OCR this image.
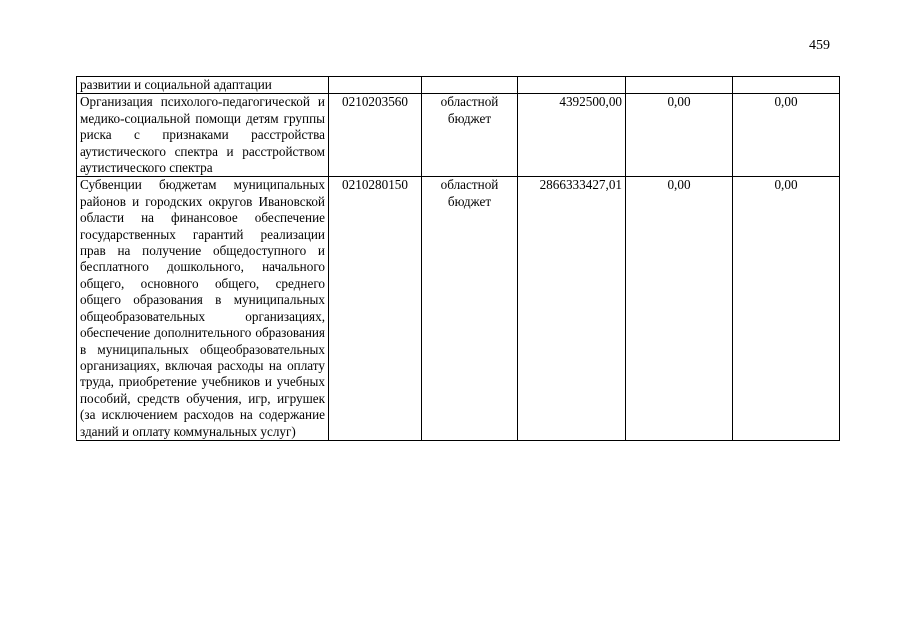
459
развитии и социальной адаптации					
Организация психолого-педагогической и медико-социальной помощи детям группы риска с признаками расстройства аутистического спектра и расстройством аутистического спектра	0210203560	областной бюджет	4392500,00	0,00	0,00
Субвенции бюджетам муниципальных районов и городских округов Ивановской области на финансовое обеспечение государственных гарантий реализации прав на получение общедоступного и бесплатного дошкольного, начального общего, основного общего, среднего общего образования в муниципальных общеобразовательных организациях, обеспечение дополнительного образования в муниципальных общеобразовательных организациях, включая расходы на оплату труда, приобретение учебников и учебных пособий, средств обучения, игр, игрушек (за исключением расходов на содержание зданий и оплату коммунальных услуг)	0210280150	областной бюджет	2866333427,01	0,00	0,00
